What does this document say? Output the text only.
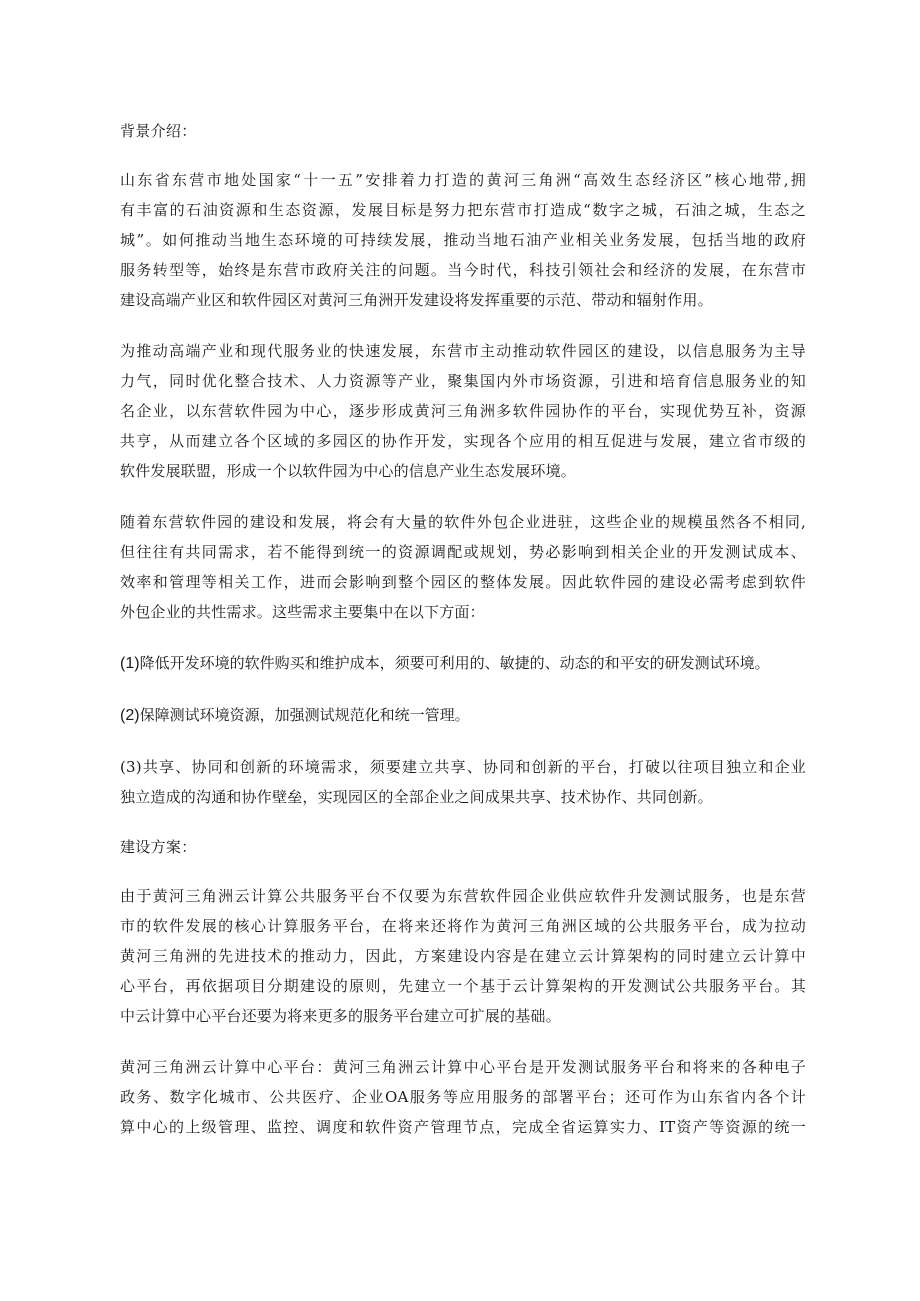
背景介绍：
山东省东营市地处国家“十一五”安排着力打造的黄河三角洲“高效生态经济区”核心地带,拥
有丰富的石油资源和生态资源，发展目标是努力把东营市打造成“数字之城，石油之城，生态之
城”。如何推动当地生态环境的可持续发展，推动当地石油产业相关业务发展，包括当地的政府
服务转型等，始终是东营市政府关注的问题。当今时代，科技引领社会和经济的发展，在东营市
建设高端产业区和软件园区对黄河三角洲开发建设将发挥重要的示范、带动和辐射作用。
为推动高端产业和现代服务业的快速发展，东营市主动推动软件园区的建设，以信息服务为主导
力气，同时优化整合技术、人力资源等产业，聚集国内外市场资源，引进和培育信息服务业的知
名企业，以东营软件园为中心，逐步形成黄河三角洲多软件园协作的平台，实现优势互补，资源
共亨，从而建立各个区域的多园区的协作开发，实现各个应用的相互促进与发展，建立省市级的
软件发展联盟，形成一个以软件园为中心的信息产业生态发展环境。
随着东营软件园的建设和发展，将会有大量的软件外包企业进驻，这些企业的规模虽然各不相同,
但往往有共同需求，若不能得到统一的资源调配或规划，势必影响到相关企业的开发测试成本、
效率和管理等相关工作，进而会影响到整个园区的整体发展。因此软件园的建设必需考虑到软件
外包企业的共性需求。这些需求主要集中在以下方面：
(1)降低开发环境的软件购买和维护成本，须要可利用的、敏捷的、动态的和平安的研发测试环境。
(2)保障测试环境资源，加强测试规范化和统一管理。
(3)共享、协同和创新的环境需求，须要建立共享、协同和创新的平台，打破以往项目独立和企业
独立造成的沟通和协作壁垒，实现园区的全部企业之间成果共享、技术协作、共同创新。
建设方案：
由于黄河三角洲云计算公共服务平台不仅要为东营软件园企业供应软件升发测试服务，也是东营
市的软件发展的核心计算服务平台，在将来还将作为黄河三角洲区域的公共服务平台，成为拉动
黄河三角洲的先进技术的推动力，因此，方案建设内容是在建立云计算架构的同时建立云计算中
心平台，再依据项目分期建设的原则，先建立一个基于云计算架构的开发测试公共服务平台。其
中云计算中心平台还要为将来更多的服务平台建立可扩展的基础。
黄河三角洲云计算中心平台：黄河三角洲云计算中心平台是开发测试服务平台和将来的各种电子
政务、数字化城市、公共医疗、企业OA服务等应用服务的部署平台；还可作为山东省内各个计
算中心的上级管理、监控、调度和软件资产管理节点，完成全省运算实力、IT资产等资源的统一
